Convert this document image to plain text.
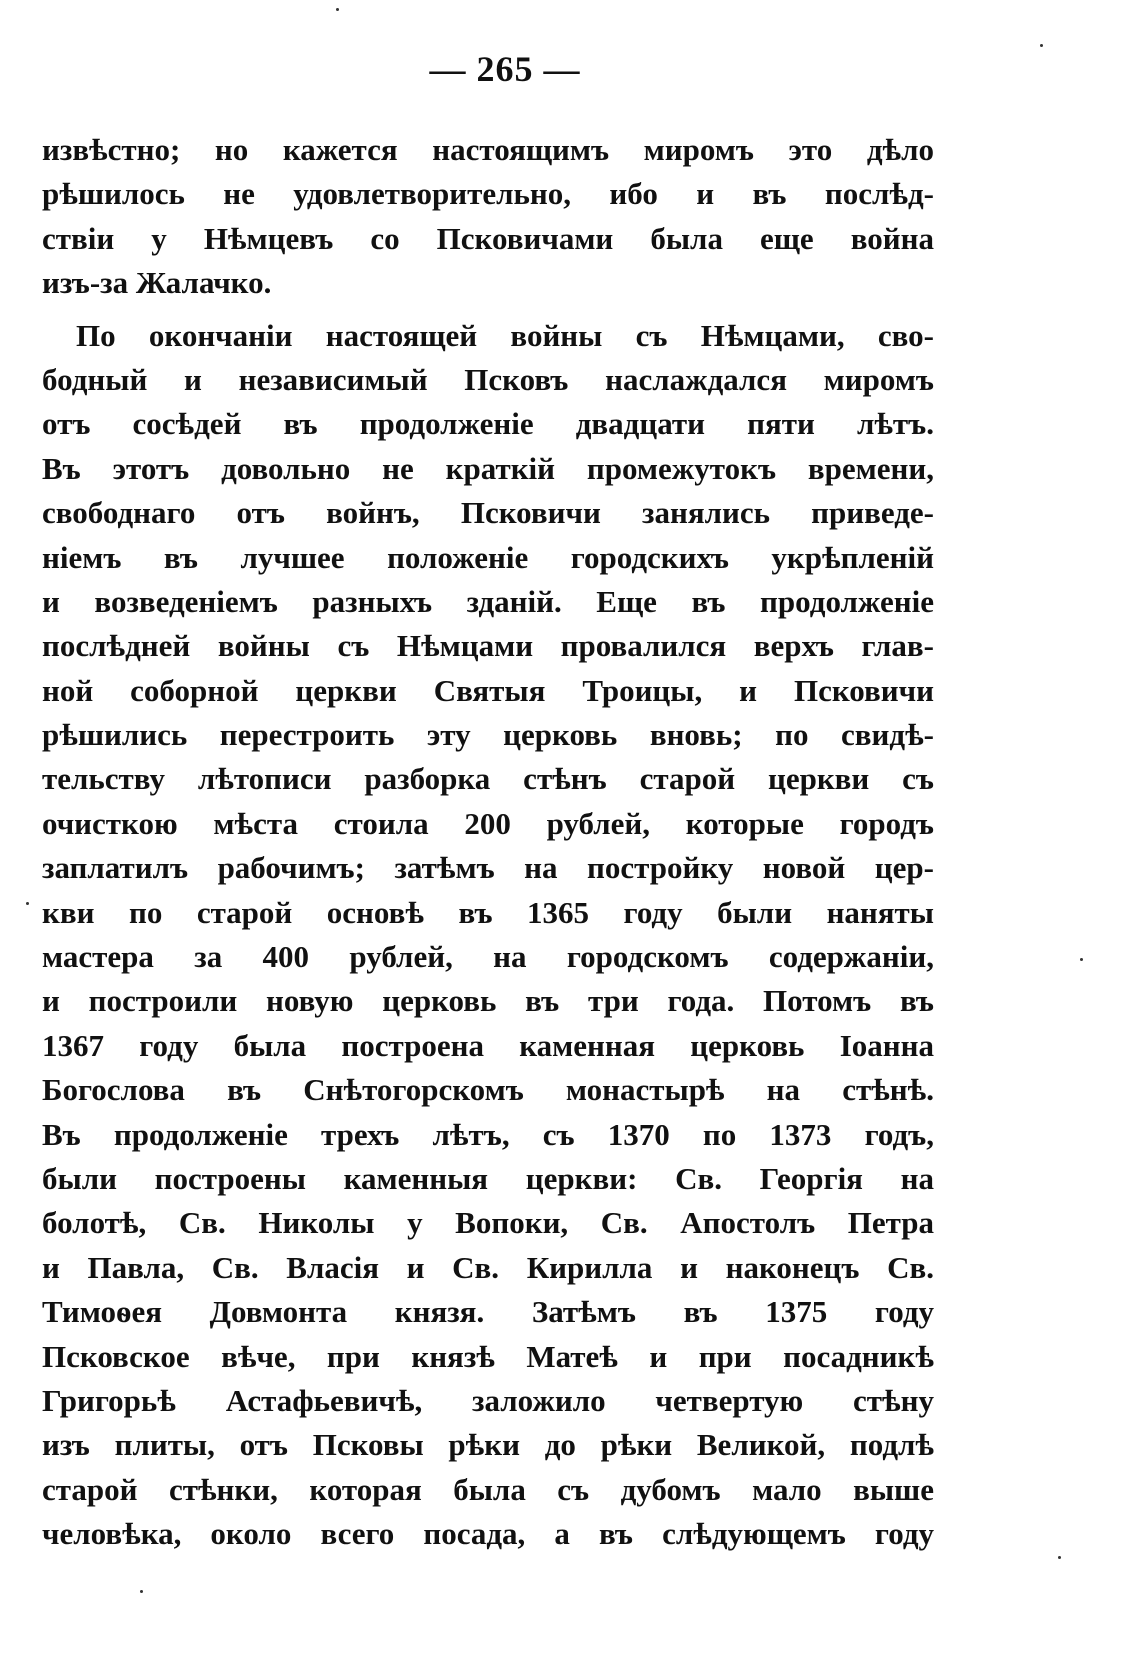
— 265 —
извѣстно; но кажется настоящимъ миромъ это дѣло
рѣшилось не удовлетворительно, ибо и въ послѣд-
ствіи у Нѣмцевъ со Псковичами была еще война
изъ-за Жалачко.
По окончаніи настоящей войны съ Нѣмцами, сво-
бодный и независимый Псковъ наслаждался миромъ
отъ сосѣдей въ продолженіе двадцати пяти лѣтъ.
Въ этотъ довольно не краткій промежутокъ времени,
свободнаго отъ войнъ, Псковичи занялись приведе-
ніемъ въ лучшее положеніе городскихъ укрѣпленій
и возведеніемъ разныхъ зданій. Еще въ продолженіе
послѣдней войны съ Нѣмцами провалился верхъ глав-
ной соборной церкви Святыя Троицы, и Псковичи
рѣшились перестроить эту церковь вновь; по свидѣ-
тельству лѣтописи разборка стѣнъ старой церкви съ
очисткою мѣста стоила 200 рублей, которые городъ
заплатилъ рабочимъ; затѣмъ на постройку новой цер-
кви по старой основѣ въ 1365 году были наняты
мастера за 400 рублей, на городскомъ содержаніи,
и построили новую церковь въ три года. Потомъ въ
1367 году была построена каменная церковь Іоанна
Богослова въ Снѣтогорскомъ монастырѣ на стѣнѣ.
Въ продолженіе трехъ лѣтъ, съ 1370 по 1373 годъ,
были построены каменныя церкви: Св. Георгія на
болотѣ, Св. Николы у Вопоки, Св. Апостолъ Петра
и Павла, Св. Власія и Св. Кирилла и наконецъ Св.
Тимоѳея Довмонта князя. Затѣмъ въ 1375 году
Псковское вѣче, при князѣ Матеѣ и при посадникѣ
Григорьѣ Астафьевичѣ, заложило четвертую стѣну
изъ плиты, отъ Псковы рѣки до рѣки Великой, подлѣ
старой стѣнки, которая была съ дубомъ мало выше
человѣка, около всего посада, а въ слѣдующемъ году
